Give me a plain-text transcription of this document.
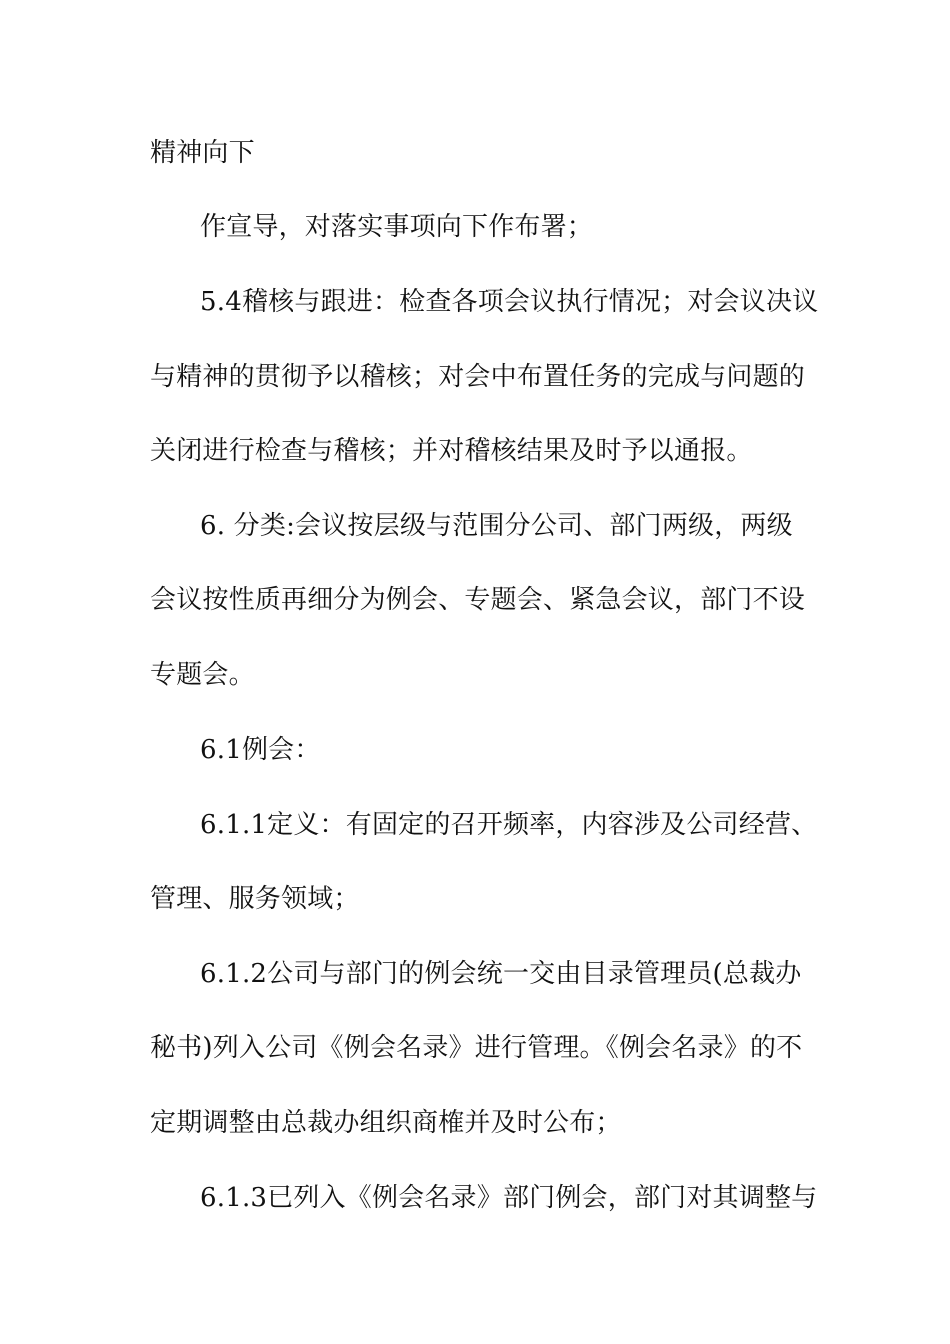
精神向下
作宣导，对落实事项向下作布署；
5.4稽核与跟进：检查各项会议执行情况；对会议决议
与精神的贯彻予以稽核；对会中布置任务的完成与问题的
关闭进行检查与稽核；并对稽核结果及时予以通报。
6. 分类:会议按层级与范围分公司、部门两级，两级
会议按性质再细分为例会、专题会、紧急会议，部门不设
专题会。
6.1例会：
6.1.1定义：有固定的召开频率，内容涉及公司经营、
管理、服务领域；
6.1.2公司与部门的例会统一交由目录管理员(总裁办
秘书)列入公司《例会名录》进行管理。《例会名录》的不
定期调整由总裁办组织商榷并及时公布；
6.1.3已列入《例会名录》部门例会，部门对其调整与
